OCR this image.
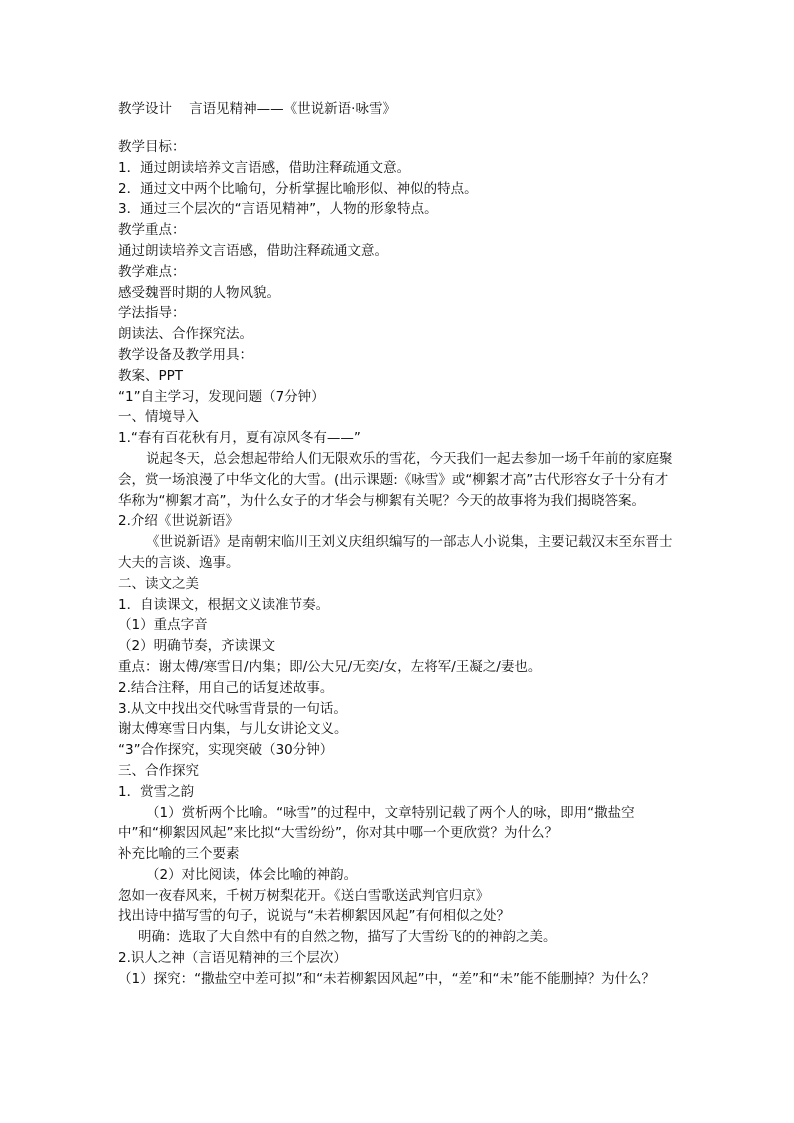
教学设计    言语见精神——《世说新语·咏雪》

教学目标：

1．通过朗读培养文言语感，借助注释疏通文意。

2．通过文中两个比喻句，分析掌握比喻形似、神似的特点。

3．通过三个层次的“言语见精神”，人物的形象特点。

教学重点：

通过朗读培养文言语感，借助注释疏通文意。

教学难点：

感受魏晋时期的人物风貌。

学法指导：

朗读法、合作探究法。

教学设备及教学用具：

教案、PPT

“1”自主学习，发现问题（7分钟）

一、情境导入

1.“春有百花秋有月，夏有凉风冬有——”

说起冬天，总会想起带给人们无限欢乐的雪花，今天我们一起去参加一场千年前的家庭聚会，赏一场浪漫了中华文化的大雪。(出示课题:《咏雪》或“柳絮才高”古代形容女子十分有才华称为“柳絮才高”，为什么女子的才华会与柳絮有关呢？今天的故事将为我们揭晓答案。

2.介绍《世说新语》

《世说新语》是南朝宋临川王刘义庆组织编写的一部志人小说集，主要记载汉末至东晋士大夫的言谈、逸事。

二、读文之美

1．自读课文，根据文义读准节奏。

（1）重点字音

（2）明确节奏，齐读课文

重点：谢太傅/寒雪日/内集；即/公大兄/无奕/女，左将军/王凝之/妻也。

2.结合注释，用自己的话复述故事。

3.从文中找出交代咏雪背景的一句话。

谢太傅寒雪日内集，与儿女讲论文义。

“3”合作探究，实现突破（30分钟）

三、合作探究

1．赏雪之韵

（1）赏析两个比喻。“咏雪”的过程中，文章特别记载了两个人的咏，即用“撒盐空中”和“柳絮因风起”来比拟“大雪纷纷”，你对其中哪一个更欣赏？为什么？

补充比喻的三个要素

（2）对比阅读，体会比喻的神韵。

忽如一夜春风来，千树万树梨花开。《送白雪歌送武判官归京》

找出诗中描写雪的句子，说说与“未若柳絮因风起”有何相似之处？

明确：选取了大自然中有的自然之物，描写了大雪纷飞的的神韵之美。

2.识人之神（言语见精神的三个层次）

（1）探究：“撒盐空中差可拟”和“未若柳絮因风起”中，“差”和“未”能不能删掉？为什么？
